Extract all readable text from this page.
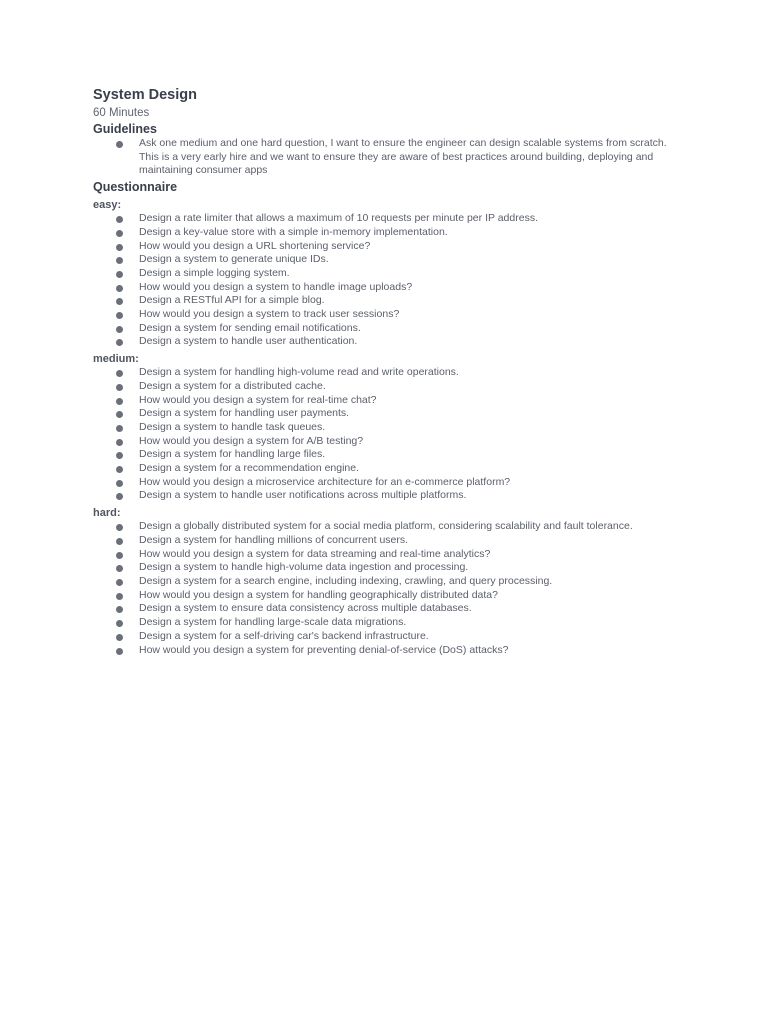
System Design
60 Minutes
Guidelines
Ask one medium and one hard question, I want to ensure the engineer can design scalable systems from scratch. This is a very early hire and we want to ensure they are aware of best practices around building, deploying and maintaining consumer apps
Questionnaire
easy:
Design a rate limiter that allows a maximum of 10 requests per minute per IP address.
Design a key-value store with a simple in-memory implementation.
How would you design a URL shortening service?
Design a system to generate unique IDs.
Design a simple logging system.
How would you design a system to handle image uploads?
Design a RESTful API for a simple blog.
How would you design a system to track user sessions?
Design a system for sending email notifications.
Design a system to handle user authentication.
medium:
Design a system for handling high-volume read and write operations.
Design a system for a distributed cache.
How would you design a system for real-time chat?
Design a system for handling user payments.
Design a system to handle task queues.
How would you design a system for A/B testing?
Design a system for handling large files.
Design a system for a recommendation engine.
How would you design a microservice architecture for an e-commerce platform?
Design a system to handle user notifications across multiple platforms.
hard:
Design a globally distributed system for a social media platform, considering scalability and fault tolerance.
Design a system for handling millions of concurrent users.
How would you design a system for data streaming and real-time analytics?
Design a system to handle high-volume data ingestion and processing.
Design a system for a search engine, including indexing, crawling, and query processing.
How would you design a system for handling geographically distributed data?
Design a system to ensure data consistency across multiple databases.
Design a system for handling large-scale data migrations.
Design a system for a self-driving car's backend infrastructure.
How would you design a system for preventing denial-of-service (DoS) attacks?
